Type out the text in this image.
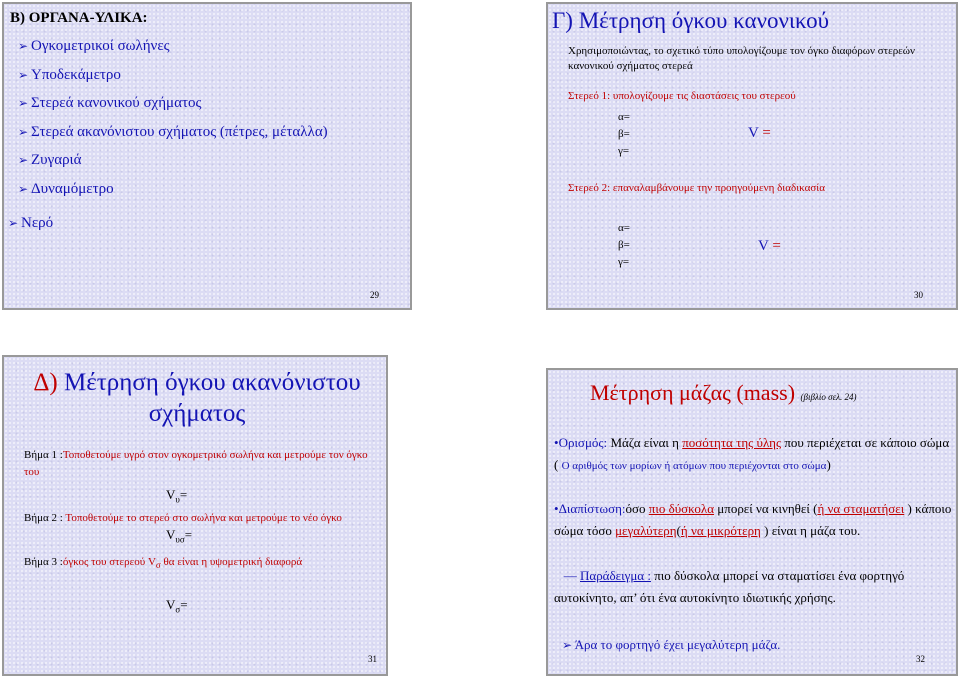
Β) ΟΡΓΑΝΑ-ΥΛΙΚΑ:
➢ Ογκομετρικοί σωλήνες
➢ Υποδεκάμετρο
➢ Στερεά κανονικού σχήματος
➢ Στερεά ακανόνιστου σχήματος (πέτρες, μέταλλα)
➢ Ζυγαριά
➢ Δυναμόμετρο
➢ Νερό
29
Γ) Μέτρηση όγκου κανονικού
Χρησιμοποιώντας, το σχετικό τύπο υπολογίζουμε τον όγκο διαφόρων στερεών κανονικού σχήματος στερεά
Στερεό 1: υπολογίζουμε τις διαστάσεις του στερεού
α=
β=
γ=
V =
Στερεό 2: επαναλαμβάνουμε την προηγούμενη διαδικασία
α=
β=
γ=
V =
30
Δ) Μέτρηση όγκου ακανόνιστου σχήματος
Βήμα 1 :Τοποθετούμε υγρό στον ογκομετρικό σωλήνα και μετρούμε τον όγκο του
$V_\upsilon=$
Βήμα 2 : Τοποθετούμε το στερεό στο σωλήνα και μετρούμε το νέο όγκο
$V_{\upsilon\sigma}=$
Βήμα 3 :όγκος του στερεού $V_\sigma$ θα είναι η υψομετρική διαφορά
$V_\sigma=$
31
Μέτρηση μάζας (mass) (βιβλίο σελ. 24)
•Ορισμός: Μάζα είναι η ποσότητα της ύλης που περιέχεται σε κάποιο σώμα ( Ο αριθμός των μορίων ή ατόμων που περιέχονται στο σώμα)
•Διαπίστωση:όσο πιο δύσκολα μπορεί να κινηθεί (ή να σταματήσει ) κάποιο σώμα τόσο μεγαλύτερη(ή να μικρότερη ) είναι η μάζα του.
— Παράδειγμα : πιο δύσκολα μπορεί να σταματίσει ένα φορτηγό αυτοκίνητο, απ’ ότι ένα αυτοκίνητο ιδιωτικής χρήσης.
➢ Άρα το φορτηγό έχει μεγαλύτερη μάζα.
32
